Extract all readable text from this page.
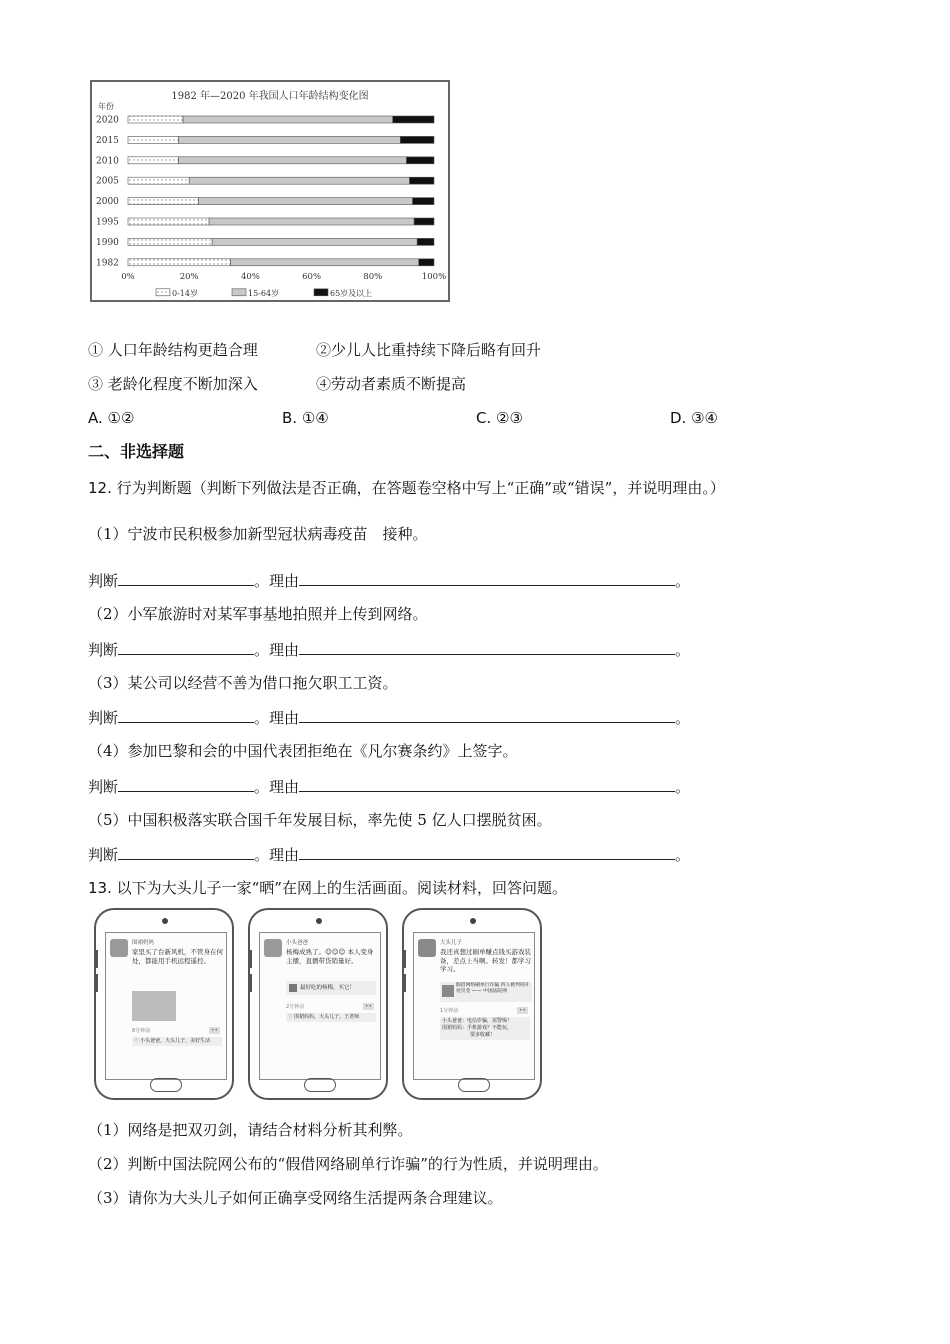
1982 年—2020 年我国人口年龄结构变化图
年份
2020
2015
2010
2005
2000
1995
1990
1982
0%	20%	40%	60%	80%	100%
0-14岁	15-64岁	65岁及以上
① 人口年龄结构更趋合理	②少儿人比重持续下降后略有回升
③ 老龄化程度不断加深入	④劳动者素质不断提高
A. ①②	B. ①④	C. ②③	D. ③④
二、非选择题
12. 行为判断题（判断下列做法是否正确，在答题卷空格中写上“正确”或“错误”，并说明理由。）
（1）宁波市民积极参加新型冠状病毒疫苗　接种。
判断	。理由	。
（2）小军旅游时对某军事基地拍照并上传到网络。
判断	。理由	。
（3）某公司以经营不善为借口拖欠职工工资。
判断	。理由	。
（4）参加巴黎和会的中国代表团拒绝在《凡尔赛条约》上签字。
判断	。理由	。
（5）中国积极落实联合国千年发展目标，率先使 5 亿人口摆脱贫困。
判断	。理由	。
13. 以下为大头儿子一家“晒”在网上的生活画面。阅读材料，回答问题。
围裙妈妈
家里买了台新风机，不管身在何处，都能用手机远程遥控。
8分钟前	••
♡ 小头爸爸，大头儿子，美好生活
小头爸爸
杨梅成熟了。☺☺☺ 本人变身主播，直播带货销量好。
最好吃的杨梅，买它！
2分钟前	••
♡ 围裙妈妈，大头儿子，王老师
大头儿子
我还真想过刷单赚点钱买游戏装备，差点上当啊。转发！都学习学习。
假借网络刷单行诈骗 四人被判刑开处罚金 —— 中国法院网
1分钟前	••
小头爸爸：电信诈骗，需警惕！
围裙妈妈：手机游戏？不能玩，
要多收藏！
（1）网络是把双刃剑，请结合材料分析其利弊。
（2）判断中国法院网公布的“假借网络刷单行诈骗”的行为性质，并说明理由。
（3）请你为大头儿子如何正确享受网络生活提两条合理建议。
